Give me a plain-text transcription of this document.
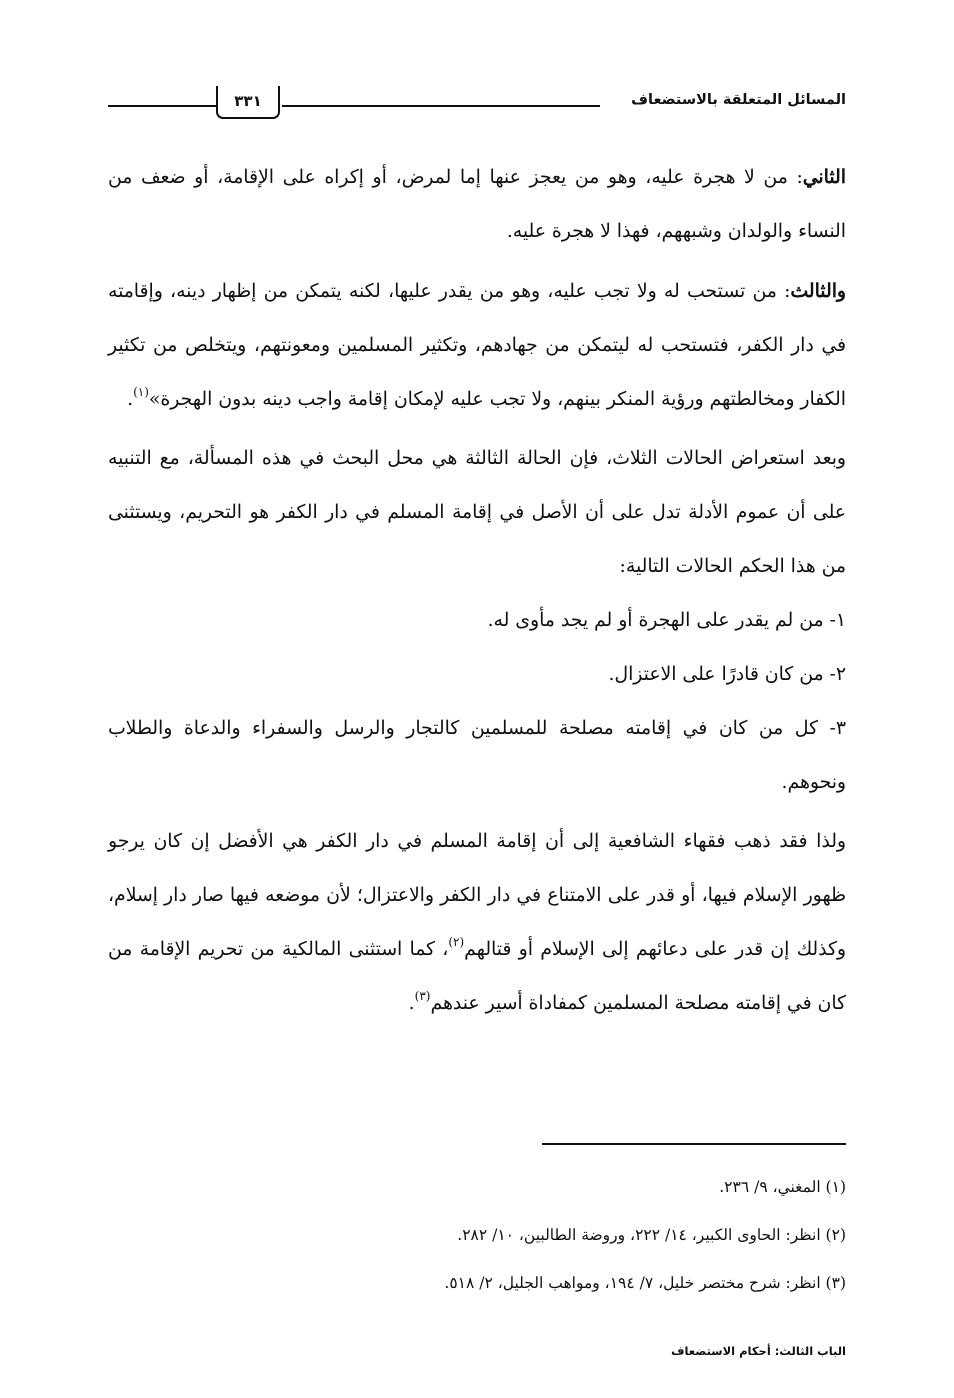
المسائل المتعلقة بالاستضعاف
٣٣١

الثاني: من لا هجرة عليه، وهو من يعجز عنها إما لمرض، أو إكراه على الإقامة، أو ضعف من النساء والولدان وشبههم، فهذا لا هجرة عليه.

والثالث: من تستحب له ولا تجب عليه، وهو من يقدر عليها، لكنه يتمكن من إظهار دينه، وإقامته في دار الكفر، فتستحب له ليتمكن من جهادهم، وتكثير المسلمين ومعونتهم، ويتخلص من تكثير الكفار ومخالطتهم ورؤية المنكر بينهم، ولا تجب عليه لإمكان إقامة واجب دينه بدون الهجرة»$^{(١)}$.

وبعد استعراض الحالات الثلاث، فإن الحالة الثالثة هي محل البحث في هذه المسألة، مع التنبيه على أن عموم الأدلة تدل على أن الأصل في إقامة المسلم في دار الكفر هو التحريم، ويستثنى من هذا الحكم الحالات التالية:

١- من لم يقدر على الهجرة أو لم يجد مأوى له.

٢- من كان قادرًا على الاعتزال.

٣- كل من كان في إقامته مصلحة للمسلمين كالتجار والرسل والسفراء والدعاة والطلاب ونحوهم.

ولذا فقد ذهب فقهاء الشافعية إلى أن إقامة المسلم في دار الكفر هي الأفضل إن كان يرجو ظهور الإسلام فيها، أو قدر على الامتناع في دار الكفر والاعتزال؛ لأن موضعه فيها صار دار إسلام، وكذلك إن قدر على دعائهم إلى الإسلام أو قتالهم$^{(٢)}$، كما استثنى المالكية من تحريم الإقامة من كان في إقامته مصلحة المسلمين كمفاداة أسير عندهم$^{(٣)}$.

(١) المغني، ٩/ ٢٣٦.
(٢) انظر: الحاوى الكبير، ١٤/ ٢٢٢، وروضة الطالبين، ١٠/ ٢٨٢.
(٣) انظر: شرح مختصر خليل، ٧/ ١٩٤، ومواهب الجليل، ٢/ ٥١٨.
الباب الثالث: أحكام الاستضعاف
